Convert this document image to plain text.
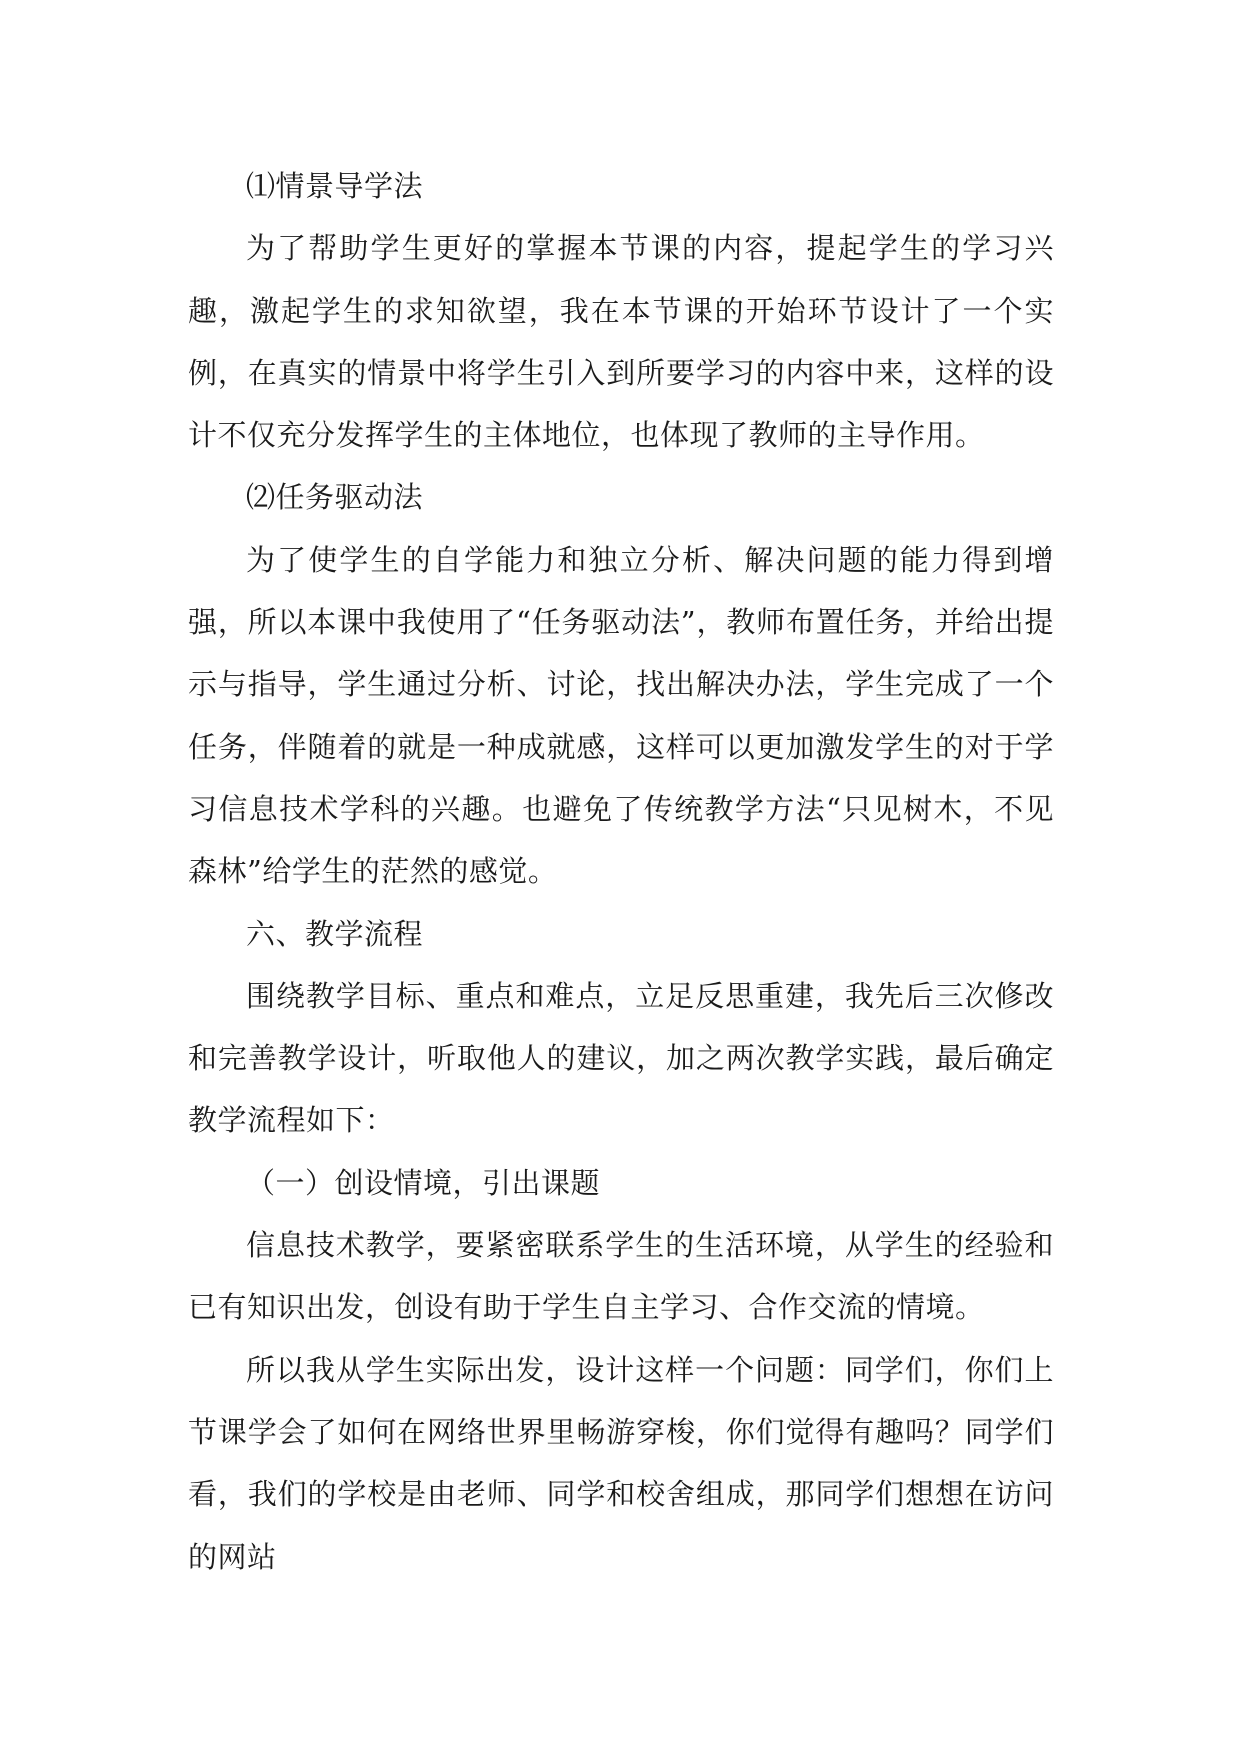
⑴情景导学法

为了帮助学生更好的掌握本节课的内容，提起学生的学习兴趣，激起学生的求知欲望，我在本节课的开始环节设计了一个实例，在真实的情景中将学生引入到所要学习的内容中来，这样的设计不仅充分发挥学生的主体地位，也体现了教师的主导作用。

⑵任务驱动法

为了使学生的自学能力和独立分析、解决问题的能力得到增强，所以本课中我使用了“任务驱动法”，教师布置任务，并给出提示与指导，学生通过分析、讨论，找出解决办法，学生完成了一个任务，伴随着的就是一种成就感，这样可以更加激发学生的对于学习信息技术学科的兴趣。也避免了传统教学方法“只见树木，不见森林”给学生的茫然的感觉。

六、教学流程

围绕教学目标、重点和难点，立足反思重建，我先后三次修改和完善教学设计，听取他人的建议，加之两次教学实践，最后确定教学流程如下：

（一）创设情境，引出课题

信息技术教学，要紧密联系学生的生活环境，从学生的经验和已有知识出发，创设有助于学生自主学习、合作交流的情境。

所以我从学生实际出发，设计这样一个问题：同学们，你们上节课学会了如何在网络世界里畅游穿梭，你们觉得有趣吗？同学们看，我们的学校是由老师、同学和校舍组成，那同学们想想在访问的网站
